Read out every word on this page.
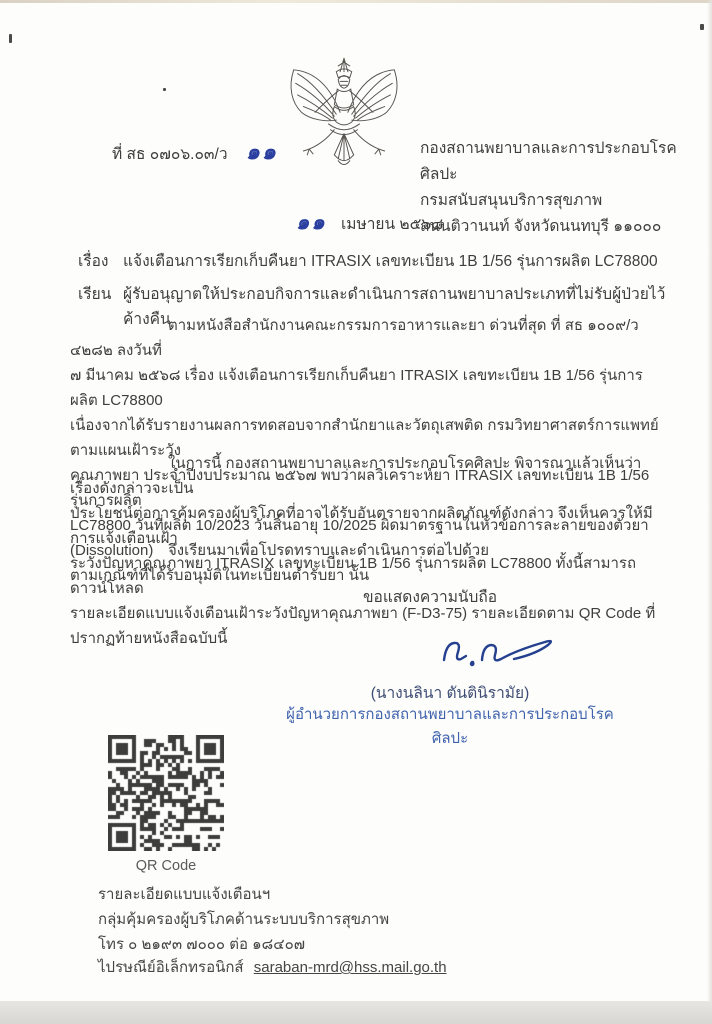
ที่ สธ ๐๗๐๖.๐๓/ว ๑๑	กองสถานพยาบาลและการประกอบโรคศิลปะ
กรมสนับสนุนบริการสุขภาพ
ถนนติวานนท์ จังหวัดนนทบุรี ๑๑๐๐๐
๑๑ เมษายน ๒๕๖๘
เรื่อง แจ้งเตือนการเรียกเก็บคืนยา ITRASIX เลขทะเบียน 1B 1/56 รุ่นการผลิต LC78800
เรียน ผู้รับอนุญาตให้ประกอบกิจการและดำเนินการสถานพยาบาลประเภทที่ไม่รับผู้ป่วยไว้ค้างคืน
ตามหนังสือสำนักงานคณะกรรมการอาหารและยา ด่วนที่สุด ที่ สธ ๑๐๐๙/ว ๔๒๘๒ ลงวันที่
๗ มีนาคม ๒๕๖๘ เรื่อง แจ้งเตือนการเรียกเก็บคืนยา ITRASIX เลขทะเบียน 1B 1/56 รุ่นการผลิต LC78800
เนื่องจากได้รับรายงานผลการทดสอบจากสำนักยาและวัตถุเสพติด กรมวิทยาศาสตร์การแพทย์ ตามแผนเฝ้าระวัง
คุณภาพยา ประจำปีงบประมาณ ๒๕๖๗ พบว่าผลวิเคราะห์ยา ITRASIX เลขทะเบียน 1B 1/56 รุ่นการผลิต
LC78800 วันที่ผลิต 10/2023 วันสิ้นอายุ 10/2025 ผิดมาตรฐานในหัวข้อการละลายของตัวยา (Dissolution)
ตามเกณฑ์ที่ได้รับอนุมัติในทะเบียนตำรับยา นั้น
ในการนี้ กองสถานพยาบาลและการประกอบโรคศิลปะ พิจารณาแล้วเห็นว่าเรื่องดังกล่าวจะเป็น
ประโยชน์ต่อการคุ้มครองผู้บริโภคที่อาจได้รับอันตรายจากผลิตภัณฑ์ดังกล่าว จึงเห็นควรให้มีการแจ้งเตือนเฝ้า
ระวังปัญหาคุณภาพยา ITRASIX เลขทะเบียน 1B 1/56 รุ่นการผลิต LC78800 ทั้งนี้สามารถดาวน์โหลด
รายละเอียดแบบแจ้งเตือนเฝ้าระวังปัญหาคุณภาพยา (F-D3-75) รายละเอียดตาม QR Code ที่ปรากฏท้ายหนังสือฉบับนี้
จึงเรียนมาเพื่อโปรดทราบและดำเนินการต่อไปด้วย
ขอแสดงความนับถือ
(นางนลินา ตันตินิรามัย)
ผู้อำนวยการกองสถานพยาบาลและการประกอบโรคศิลปะ
QR Code
รายละเอียดแบบแจ้งเตือนฯ
กลุ่มคุ้มครองผู้บริโภคด้านระบบบริการสุขภาพ
โทร ๐ ๒๑๙๓ ๗๐๐๐ ต่อ ๑๘๔๐๗
ไปรษณีย์อิเล็กทรอนิกส์ saraban-mrd@hss.mail.go.th
